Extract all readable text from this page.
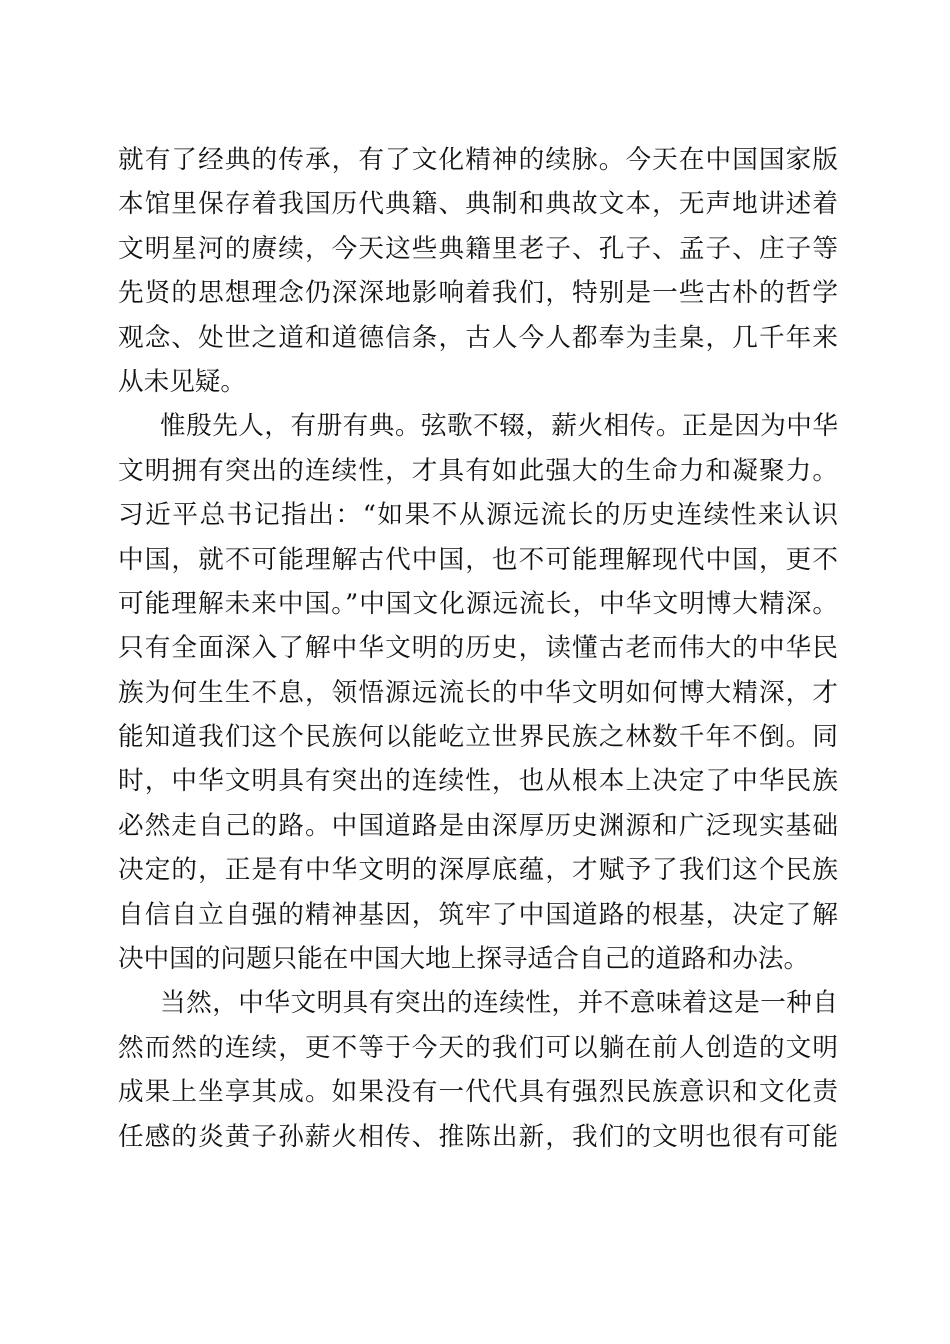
就有了经典的传承，有了文化精神的续脉。今天在中国国家版
本馆里保存着我国历代典籍、典制和典故文本，无声地讲述着
文明星河的赓续，今天这些典籍里老子、孔子、孟子、庄子等
先贤的思想理念仍深深地影响着我们，特别是一些古朴的哲学
观念、处世之道和道德信条，古人今人都奉为圭臬，几千年来
从未见疑。
惟殷先人，有册有典。弦歌不辍，薪火相传。正是因为中华
文明拥有突出的连续性，才具有如此强大的生命力和凝聚力。
习近平总书记指出：“如果不从源远流长的历史连续性来认识
中国，就不可能理解古代中国，也不可能理解现代中国，更不
可能理解未来中国。”中国文化源远流长，中华文明博大精深。
只有全面深入了解中华文明的历史，读懂古老而伟大的中华民
族为何生生不息，领悟源远流长的中华文明如何博大精深，才
能知道我们这个民族何以能屹立世界民族之林数千年不倒。同
时，中华文明具有突出的连续性，也从根本上决定了中华民族
必然走自己的路。中国道路是由深厚历史渊源和广泛现实基础
决定的，正是有中华文明的深厚底蕴，才赋予了我们这个民族
自信自立自强的精神基因，筑牢了中国道路的根基，决定了解
决中国的问题只能在中国大地上探寻适合自己的道路和办法。
当然，中华文明具有突出的连续性，并不意味着这是一种自
然而然的连续，更不等于今天的我们可以躺在前人创造的文明
成果上坐享其成。如果没有一代代具有强烈民族意识和文化责
任感的炎黄子孙薪火相传、推陈出新，我们的文明也很有可能
